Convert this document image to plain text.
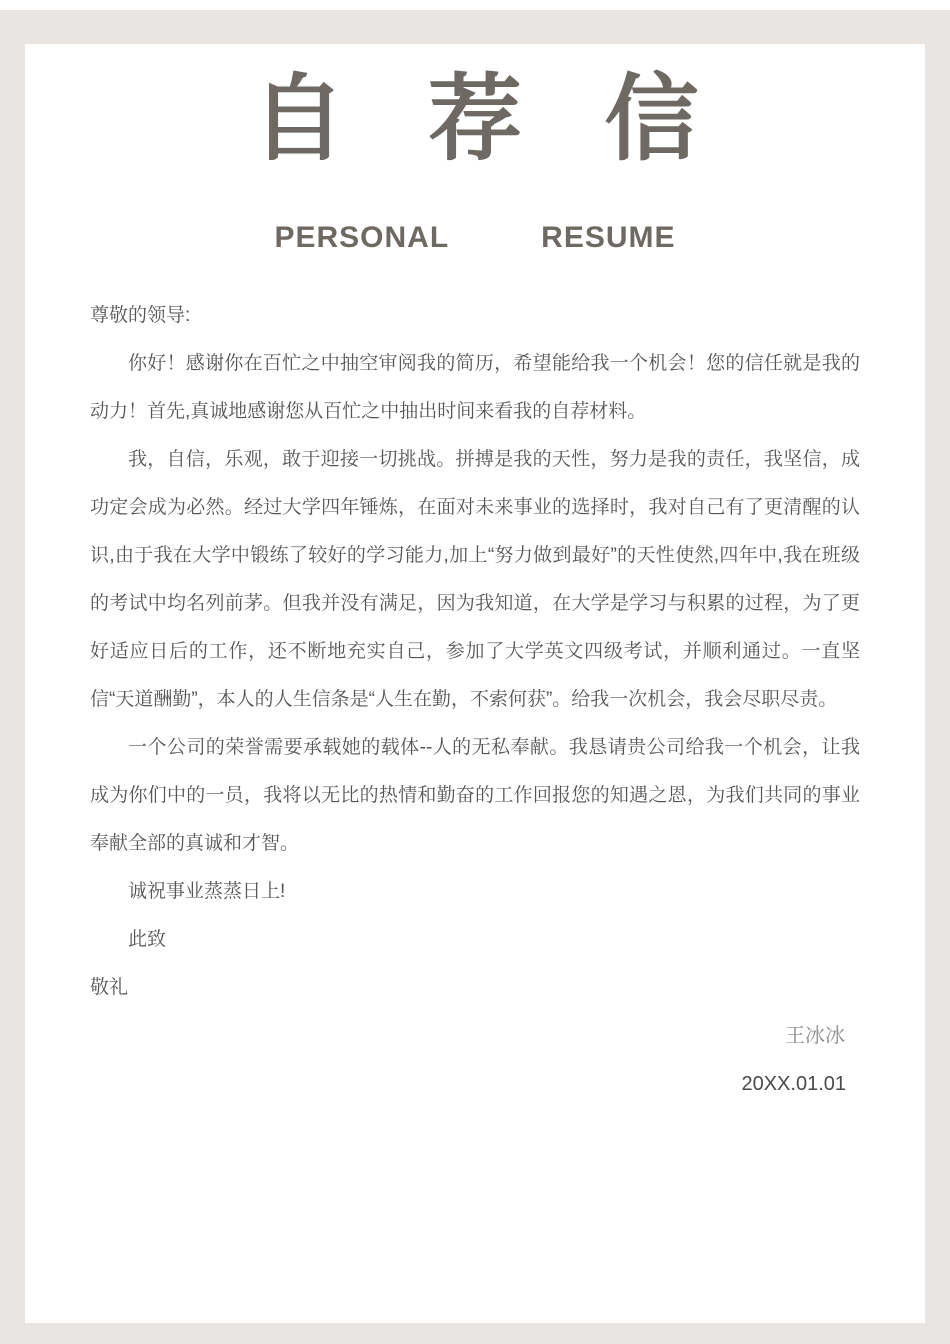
自 荐 信
PERSONAL	RESUME

尊敬的领导:

你好！感谢你在百忙之中抽空审阅我的简历，希望能给我一个机会！您的信任就是我的动力！首先,真诚地感谢您从百忙之中抽出时间来看我的自荐材料。

我，自信，乐观，敢于迎接一切挑战。拼搏是我的天性，努力是我的责任，我坚信，成功定会成为必然。经过大学四年锤炼，在面对未来事业的选择时，我对自己有了更清醒的认识,由于我在大学中锻练了较好的学习能力,加上“努力做到最好”的天性使然,四年中,我在班级的考试中均名列前茅。但我并没有满足，因为我知道，在大学是学习与积累的过程，为了更好适应日后的工作，还不断地充实自己，参加了大学英文四级考试，并顺利通过。一直坚信“天道酬勤”，本人的人生信条是“人生在勤，不索何获”。给我一次机会，我会尽职尽责。

一个公司的荣誉需要承载她的载体--人的无私奉献。我恳请贵公司给我一个机会，让我成为你们中的一员，我将以无比的热情和勤奋的工作回报您的知遇之恩，为我们共同的事业奉献全部的真诚和才智。

诚祝事业蒸蒸日上!

此致

敬礼

王冰冰

20XX.01.01
